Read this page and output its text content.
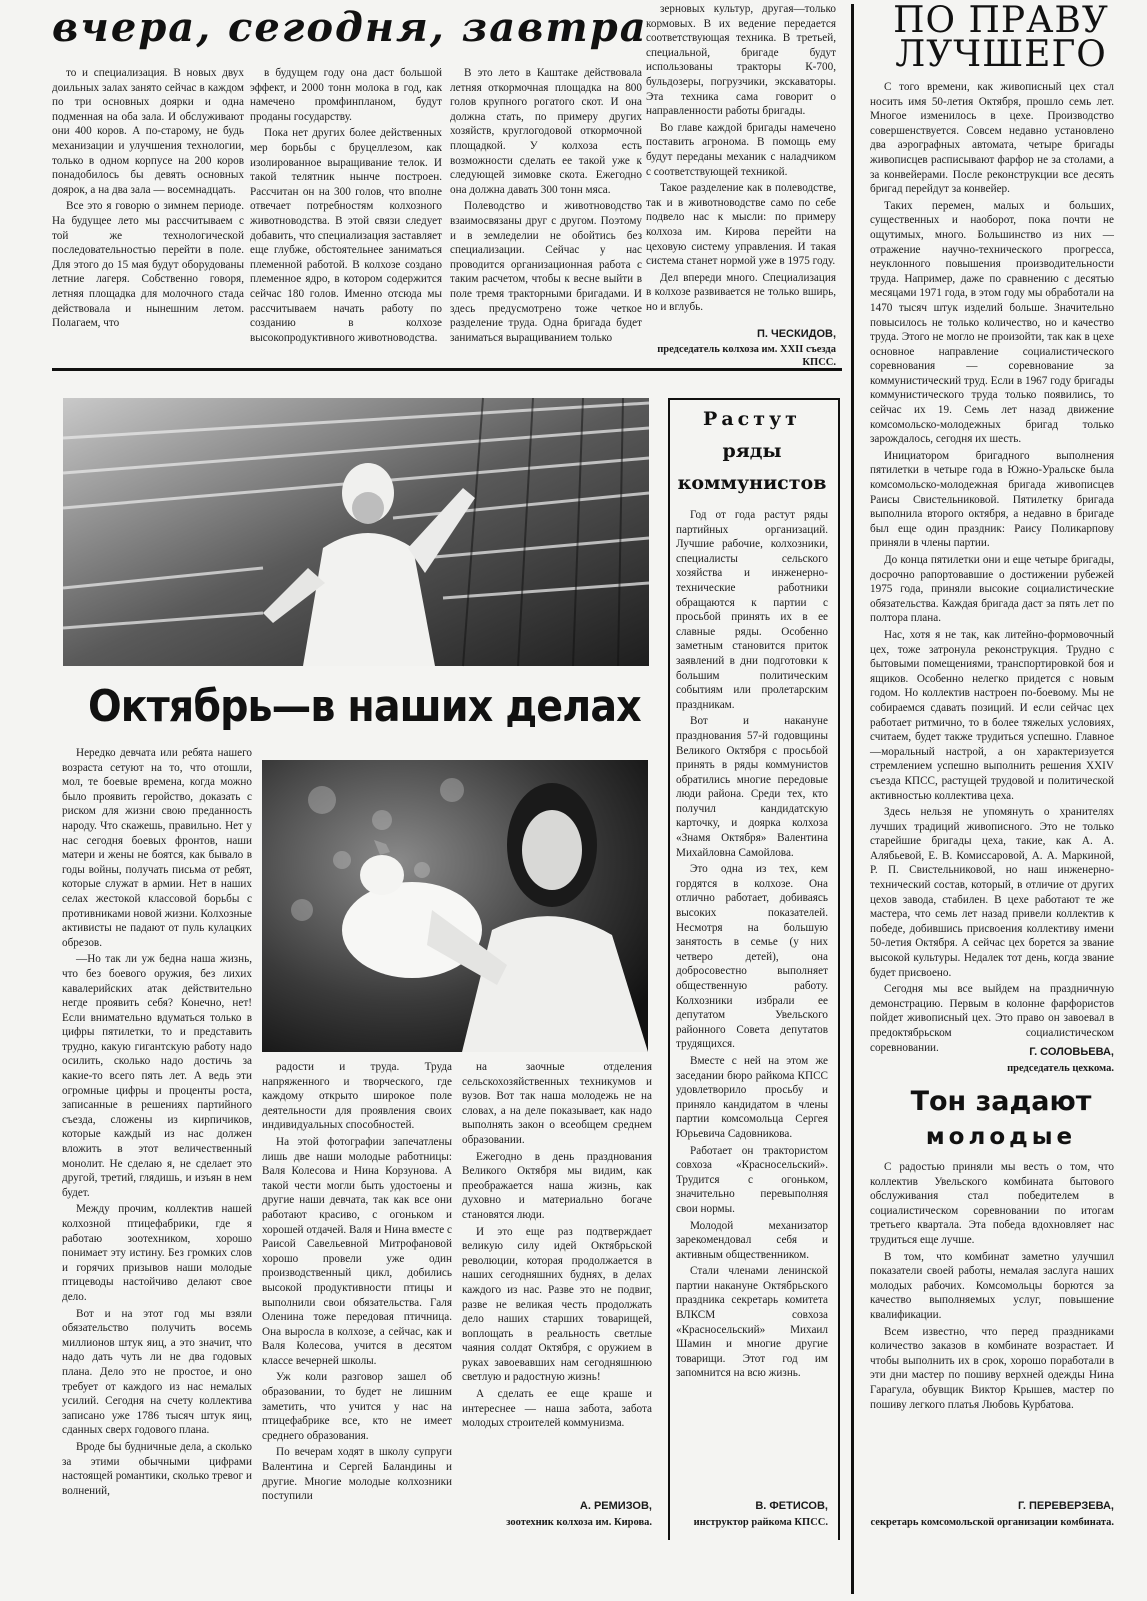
вчера, сегодня, завтра

то и специализация. В новых двух доильных залах занято сейчас в каждом по три основных доярки и одна подменная на оба зала. И обслуживают они 400 коров. А по-старому, не будь механизации и улучшения технологии, только в одном корпусе на 200 коров понадобилось бы девять основных доярок, а на два зала — восемнадцать.

Все это я говорю о зимнем периоде. На будущее лето мы рассчитываем с той же технологической последовательностью перейти в поле. Для этого до 15 мая будут оборудованы летние лагеря. Собственно говоря, летняя площадка для молочного стада действовала и нынешним летом. Полагаем, что

в будущем году она даст большой эффект, и 2000 тонн молока в год, как намечено промфинпланом, будут проданы государству.

Пока нет других более действенных мер борьбы с бруцеллезом, как изолированное выращивание телок. И такой телятник нынче построен. Рассчитан он на 300 голов, что вполне отвечает потребностям колхозного животноводства. В этой связи следует добавить, что специализация заставляет еще глубже, обстоятельнее заниматься племенной работой. В колхозе создано племенное ядро, в котором содержится сейчас 180 голов. Именно отсюда мы рассчитываем начать работу по созданию в колхозе высокопродуктивного животноводства.

В это лето в Каштаке действовала летняя откормочная площадка на 800 голов крупного рогатого скот. И она должна стать, по примеру других хозяйств, круглогодовой откормочной площадкой. У колхоза есть возможности сделать ее такой уже к следующей зимовке скота. Ежегодно она должна давать 300 тонн мяса.

Полеводство и животноводство взаимосвязаны друг с другом. Поэтому и в земледелии не обойтись без специализации. Сейчас у нас проводится организационная работа с таким расчетом, чтобы к весне выйти в поле тремя тракторными бригадами. И здесь предусмотрено тоже четкое разделение труда. Одна бригада будет заниматься выращиванием только

зерновых культур, другая—только кормовых. В их ведение передается соответствующая техника. В третьей, специальной, бригаде будут использованы тракторы К-700, бульдозеры, погрузчики, экскаваторы. Эта техника сама говорит о направленности работы бригады.

Во главе каждой бригады намечено поставить агронома. В помощь ему будут переданы механик с наладчиком с соответствующей техникой.

Такое разделение как в полеводстве, так и в животноводстве само по себе подвело нас к мысли: по примеру колхоза им. Кирова перейти на цеховую систему управления. И такая система станет нормой уже в 1975 году.

Дел впереди много. Специализация в колхозе развивается не только вширь, но и вглубь.

П. ЧЕСКИДОВ,
председатель колхоза им. XXII съезда КПСС.
Октябрь—в наших делах

Нередко девчата или ребята нашего возраста сетуют на то, что отошли, мол, те боевые времена, когда можно было проявить геройство, доказать с риском для жизни свою преданность народу. Что скажешь, правильно. Нет у нас сегодня боевых фронтов, наши матери и жены не боятся, как бывало в годы войны, получать письма от ребят, которые служат в армии. Нет в наших селах жестокой классовой борьбы с противниками новой жизни. Колхозные активисты не падают от пуль кулацких обрезов.

—Но так ли уж бедна наша жизнь, что без боевого оружия, без лихих кавалерийских атак действительно негде проявить себя? Конечно, нет! Если внимательно вдуматься только в цифры пятилетки, то и представить трудно, какую гигантскую работу надо осилить, сколько надо достичь за какие-то всего пять лет. А ведь эти огромные цифры и проценты роста, записанные в решениях партийного съезда, сложены из кирпичиков, которые каждый из нас должен вложить в этот величественный монолит. Не сделаю я, не сделает это другой, третий, глядишь, и изъян в нем будет.

Между прочим, коллектив нашей колхозной птицефабрики, где я работаю зоотехником, хорошо понимает эту истину. Без громких слов и горячих призывов наши молодые птицеводы настойчиво делают свое дело.

Вот и на этот год мы взяли обязательство получить восемь миллионов штук яиц, а это значит, что надо дать чуть ли не два годовых плана. Дело это не простое, и оно требует от каждого из нас немалых усилий. Сегодня на счету коллектива записано уже 1786 тысяч штук яиц, сданных сверх годового плана.

Вроде бы будничные дела, а сколько за этими обычными цифрами настоящей романтики, сколько тревог и волнений,

радости и труда. Труда напряженного и творческого, где каждому открыто широкое поле деятельности для проявления своих индивидуальных способностей.

На этой фотографии запечатлены лишь две наши молодые работницы: Валя Колесова и Нина Корзунова. А такой чести могли быть удостоены и другие наши девчата, так как все они работают красиво, с огоньком и хорошей отдачей. Валя и Нина вместе с Раисой Савельевной Митрофановой хорошо провели уже один производственный цикл, добились высокой продуктивности птицы и выполнили свои обязательства. Галя Оленина тоже передовая птичница. Она выросла в колхозе, а сейчас, как и Валя Колесова, учится в десятом классе вечерней школы.

Уж коли разговор зашел об образовании, то будет не лишним заметить, что учится у нас на птицефабрике все, кто не имеет среднего образования.

По вечерам ходят в школу супруги Валентина и Сергей Баландины и другие. Многие молодые колхозники поступили

на заочные отделения сельскохозяйственных техникумов и вузов. Вот так наша молодежь не на словах, а на деле показывает, как надо выполнять закон о всеобщем среднем образовании.

Ежегодно в день празднования Великого Октября мы видим, как преображается наша жизнь, как духовно и материально богаче становятся люди.

И это еще раз подтверждает великую силу идей Октябрьской революции, которая продолжается в наших сегодняшних буднях, в делах каждого из нас. Разве это не подвиг, разве не великая честь продолжать дело наших старших товарищей, воплощать в реальность светлые чаяния солдат Октября, с оружием в руках завоевавших нам сегодняшнюю светлую и радостную жизнь!

А сделать ее еще краше и интереснее — наша забота, забота молодых строителей коммунизма.

А. РЕМИЗОВ,
зоотехник колхоза им. Кирова.
Растут
ряды
коммунистов

Год от года растут ряды партийных организаций. Лучшие рабочие, колхозники, специалисты сельского хозяйства и инженерно-технические работники обращаются к партии с просьбой принять их в ее славные ряды. Особенно заметным становится приток заявлений в дни подготовки к большим политическим событиям или пролетарским праздникам.

Вот и накануне празднования 57-й годовщины Великого Октября с просьбой принять в ряды коммунистов обратились многие передовые люди района. Среди тех, кто получил кандидатскую карточку, и доярка колхоза «Знамя Октября» Валентина Михайловна Самойлова.

Это одна из тех, кем гордятся в колхозе. Она отлично работает, добиваясь высоких показателей. Несмотря на большую занятость в семье (у них четверо детей), она добросовестно выполняет общественную работу. Колхозники избрали ее депутатом Увельского районного Совета депутатов трудящихся.

Вместе с ней на этом же заседании бюро райкома КПСС удовлетворило просьбу и приняло кандидатом в члены партии комсомольца Сергея Юрьевича Садовникова.

Работает он трактористом совхоза «Красносельский». Трудится с огоньком, значительно перевыполняя свои нормы.

Молодой механизатор зарекомендовал себя и активным общественником.

Стали членами ленинской партии накануне Октябрьского праздника секретарь комитета ВЛКСМ совхоза «Красносельский» Михаил Шамин и многие другие товарищи. Этот год им запомнится на всю жизнь.

В. ФЕТИСОВ,
инструктор райкома КПСС.
ПО ПРАВУ
ЛУЧШЕГО

С того времени, как живописный цех стал носить имя 50-летия Октября, прошло семь лет. Многое изменилось в цехе. Производство совершенствуется. Совсем недавно установлено два аэрографных автомата, четыре бригады живописцев расписывают фарфор не за столами, а за конвейерами. После реконструкции все десять бригад перейдут за конвейер.

Таких перемен, малых и больших, существенных и наоборот, пока почти не ощутимых, много. Большинство из них —отражение научно-технического прогресса, неуклонного повышения производительности труда. Например, даже по сравнению с десятью месяцами 1971 года, в этом году мы обработали на 1470 тысяч штук изделий больше. Значительно повысилось не только количество, но и качество труда. Этого не могло не произойти, так как в цехе основное направление социалистического соревнования — соревнование за коммунистический труд. Если в 1967 году бригады коммунистического труда только появились, то сейчас их 19. Семь лет назад движение комсомольско-молодежных бригад только зарождалось, сегодня их шесть.

Инициатором бригадного выполнения пятилетки в четыре года в Южно-Уральске была комсомольско-молодежная бригада живописцев Раисы Свистельниковой. Пятилетку бригада выполнила второго октября, а недавно в бригаде был еще один праздник: Раису Поликарпову приняли в члены партии.

До конца пятилетки они и еще четыре бригады, досрочно рапортовавшие о достижении рубежей 1975 года, приняли высокие социалистические обязательства. Каждая бригада даст за пять лет по полтора плана.

Нас, хотя я не так, как литейно-формовочный цех, тоже затронула реконструкция. Трудно с бытовыми помещениями, транспортировкой боя и ящиков. Особенно нелегко придется с новым годом. Но коллектив настроен по-боевому. Мы не собираемся сдавать позиций. И если сейчас цех работает ритмично, то в более тяжелых условиях, считаем, будет также трудиться успешно. Главное—моральный настрой, а он характеризуется стремлением успешно выполнить решения XXIV съезда КПСС, растущей трудовой и политической активностью коллектива цеха.

Здесь нельзя не упомянуть о хранителях лучших традиций живописного. Это не только старейшие бригады цеха, такие, как А. А. Алябьевой, Е. В. Комиссаровой, А. А. Маркиной, Р. П. Свистельниковой, но наш инженерно-технический состав, который, в отличие от других цехов завода, стабилен. В цехе работают те же мастера, что семь лет назад привели коллектив к победе, добившись присвоения коллективу имени 50-летия Октября. А сейчас цех борется за звание высокой культуры. Недалек тот день, когда звание будет присвоено.

Сегодня мы все выйдем на праздничную демонстрацию. Первым в колонне фарфористов пойдет живописный цех. Это право он завоевал в предоктябрьском социалистическом соревновании.	Г. СОЛОВЬЕВА,
председатель цехкома.
Тон задают
молодые

С радостью приняли мы весть о том, что коллектив Увельского комбината бытового обслуживания стал победителем в социалистическом соревновании по итогам третьего квартала. Эта победа вдохновляет нас трудиться еще лучше.

В том, что комбинат заметно улучшил показатели своей работы, немалая заслуга наших молодых рабочих. Комсомольцы борются за качество выполняемых услуг, повышение квалификации.

Всем известно, что перед праздниками количество заказов в комбинате возрастает. И чтобы выполнить их в срок, хорошо поработали в эти дни мастер по пошиву верхней одежды Нина Гарагула, обувщик Виктор Крышев, мастер по пошиву легкого платья Любовь Курбатова.

Г. ПЕРЕВЕРЗЕВА,
секретарь комсомольской организации комбината.
